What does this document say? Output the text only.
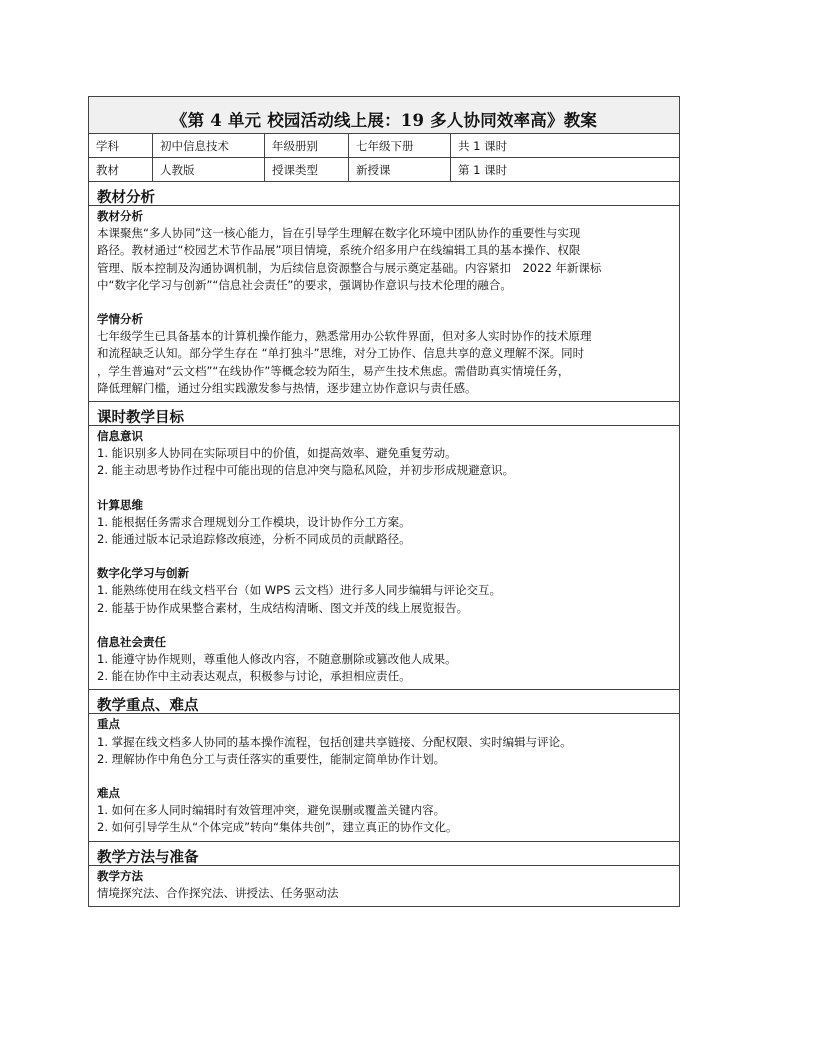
《第 4 单元 校园活动线上展：19 多人协同效率高》教案
学科	初中信息技术	年级册别	七年级下册	共 1 课时
教材	人教版	授课类型	新授课	第 1 课时
教材分析
教材分析
本课聚焦“多人协同”这一核心能力，旨在引导学生理解在数字化环境中团队协作的重要性与实现
路径。教材通过“校园艺术节作品展”项目情境，系统介绍多用户在线编辑工具的基本操作、权限
管理、版本控制及沟通协调机制，为后续信息资源整合与展示奠定基础。内容紧扣　2022 年新课标
中“数字化学习与创新”“信息社会责任”的要求，强调协作意识与技术伦理的融合。
学情分析
七年级学生已具备基本的计算机操作能力，熟悉常用办公软件界面，但对多人实时协作的技术原理
和流程缺乏认知。部分学生存在 “单打独斗”思维，对分工协作、信息共享的意义理解不深。同时
，学生普遍对“云文档”“在线协作”等概念较为陌生，易产生技术焦虑。需借助真实情境任务，
降低理解门槛，通过分组实践激发参与热情，逐步建立协作意识与责任感。
课时教学目标
信息意识
1. 能识别多人协同在实际项目中的价值，如提高效率、避免重复劳动。
2. 能主动思考协作过程中可能出现的信息冲突与隐私风险，并初步形成规避意识。
计算思维
1. 能根据任务需求合理规划分工作模块，设计协作分工方案。
2. 能通过版本记录追踪修改痕迹，分析不同成员的贡献路径。
数字化学习与创新
1. 能熟练使用在线文档平台（如 WPS 云文档）进行多人同步编辑与评论交互。
2. 能基于协作成果整合素材，生成结构清晰、图文并茂的线上展览报告。
信息社会责任
1. 能遵守协作规则，尊重他人修改内容，不随意删除或篡改他人成果。
2. 能在协作中主动表达观点，积极参与讨论，承担相应责任。
教学重点、难点
重点
1. 掌握在线文档多人协同的基本操作流程，包括创建共享链接、分配权限、实时编辑与评论。
2. 理解协作中角色分工与责任落实的重要性，能制定简单协作计划。
难点
1. 如何在多人同时编辑时有效管理冲突，避免误删或覆盖关键内容。
2. 如何引导学生从“个体完成”转向“集体共创”，建立真正的协作文化。
教学方法与准备
教学方法
情境探究法、合作探究法、讲授法、任务驱动法
